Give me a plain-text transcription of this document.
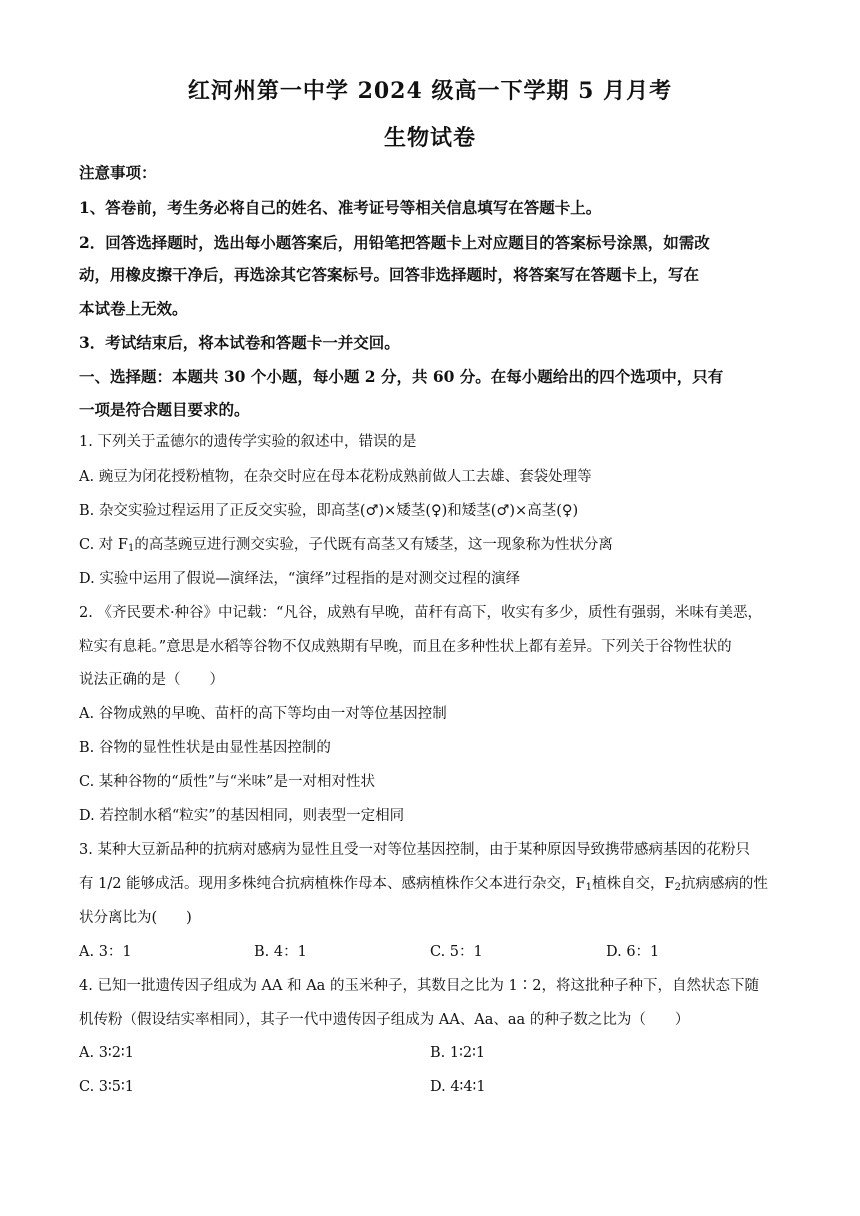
红河州第一中学 2024 级高一下学期 5 月月考
生物试卷
注意事项：
1、答卷前，考生务必将自己的姓名、准考证号等相关信息填写在答题卡上。
2．回答选择题时，选出每小题答案后，用铅笔把答题卡上对应题目的答案标号涂黑，如需改
动，用橡皮擦干净后，再选涂其它答案标号。回答非选择题时，将答案写在答题卡上，写在
本试卷上无效。
3．考试结束后，将本试卷和答题卡一并交回。
一、选择题：本题共 30 个小题，每小题 2 分，共 60 分。在每小题给出的四个选项中，只有
一项是符合题目要求的。
1. 下列关于孟德尔的遗传学实验的叙述中，错误的是
A. 豌豆为闭花授粉植物，在杂交时应在母本花粉成熟前做人工去雄、套袋处理等
B. 杂交实验过程运用了正反交实验，即高茎(♂)×矮茎(♀)和矮茎(♂)×高茎(♀)
C. 对 $F_1$的高茎豌豆进行测交实验，子代既有高茎又有矮茎，这一现象称为性状分离
D. 实验中运用了假说—演绎法，“演绎”过程指的是对测交过程的演绎
2. 《齐民要术·种谷》中记载：“凡谷，成熟有早晚，苗秆有高下，收实有多少，质性有强弱，米味有美恶，
粒实有息耗。”意思是水稻等谷物不仅成熟期有早晚，而且在多种性状上都有差异。下列关于谷物性状的
说法正确的是（　　）
A. 谷物成熟的早晚、苗杆的高下等均由一对等位基因控制
B. 谷物的显性性状是由显性基因控制的
C. 某种谷物的“质性”与“米味”是一对相对性状
D. 若控制水稻“粒实”的基因相同，则表型一定相同
3. 某种大豆新品种的抗病对感病为显性且受一对等位基因控制，由于某种原因导致携带感病基因的花粉只
有 1/2 能够成活。现用多株纯合抗病植株作母本、感病植株作父本进行杂交，$F_1$植株自交，$F_2$抗病感病的性
状分离比为(　　)
A. 3：1	B. 4：1	C. 5：1	D. 6：1
4. 已知一批遗传因子组成为 AA 和 Aa 的玉米种子，其数目之比为 1∶2，将这批种子种下，自然状态下随
机传粉（假设结实率相同），其子一代中遗传因子组成为 AA、Aa、aa 的种子数之比为（　　）
A. 3∶2∶1	B. 1∶2∶1
C. 3∶5∶1	D. 4∶4∶1
